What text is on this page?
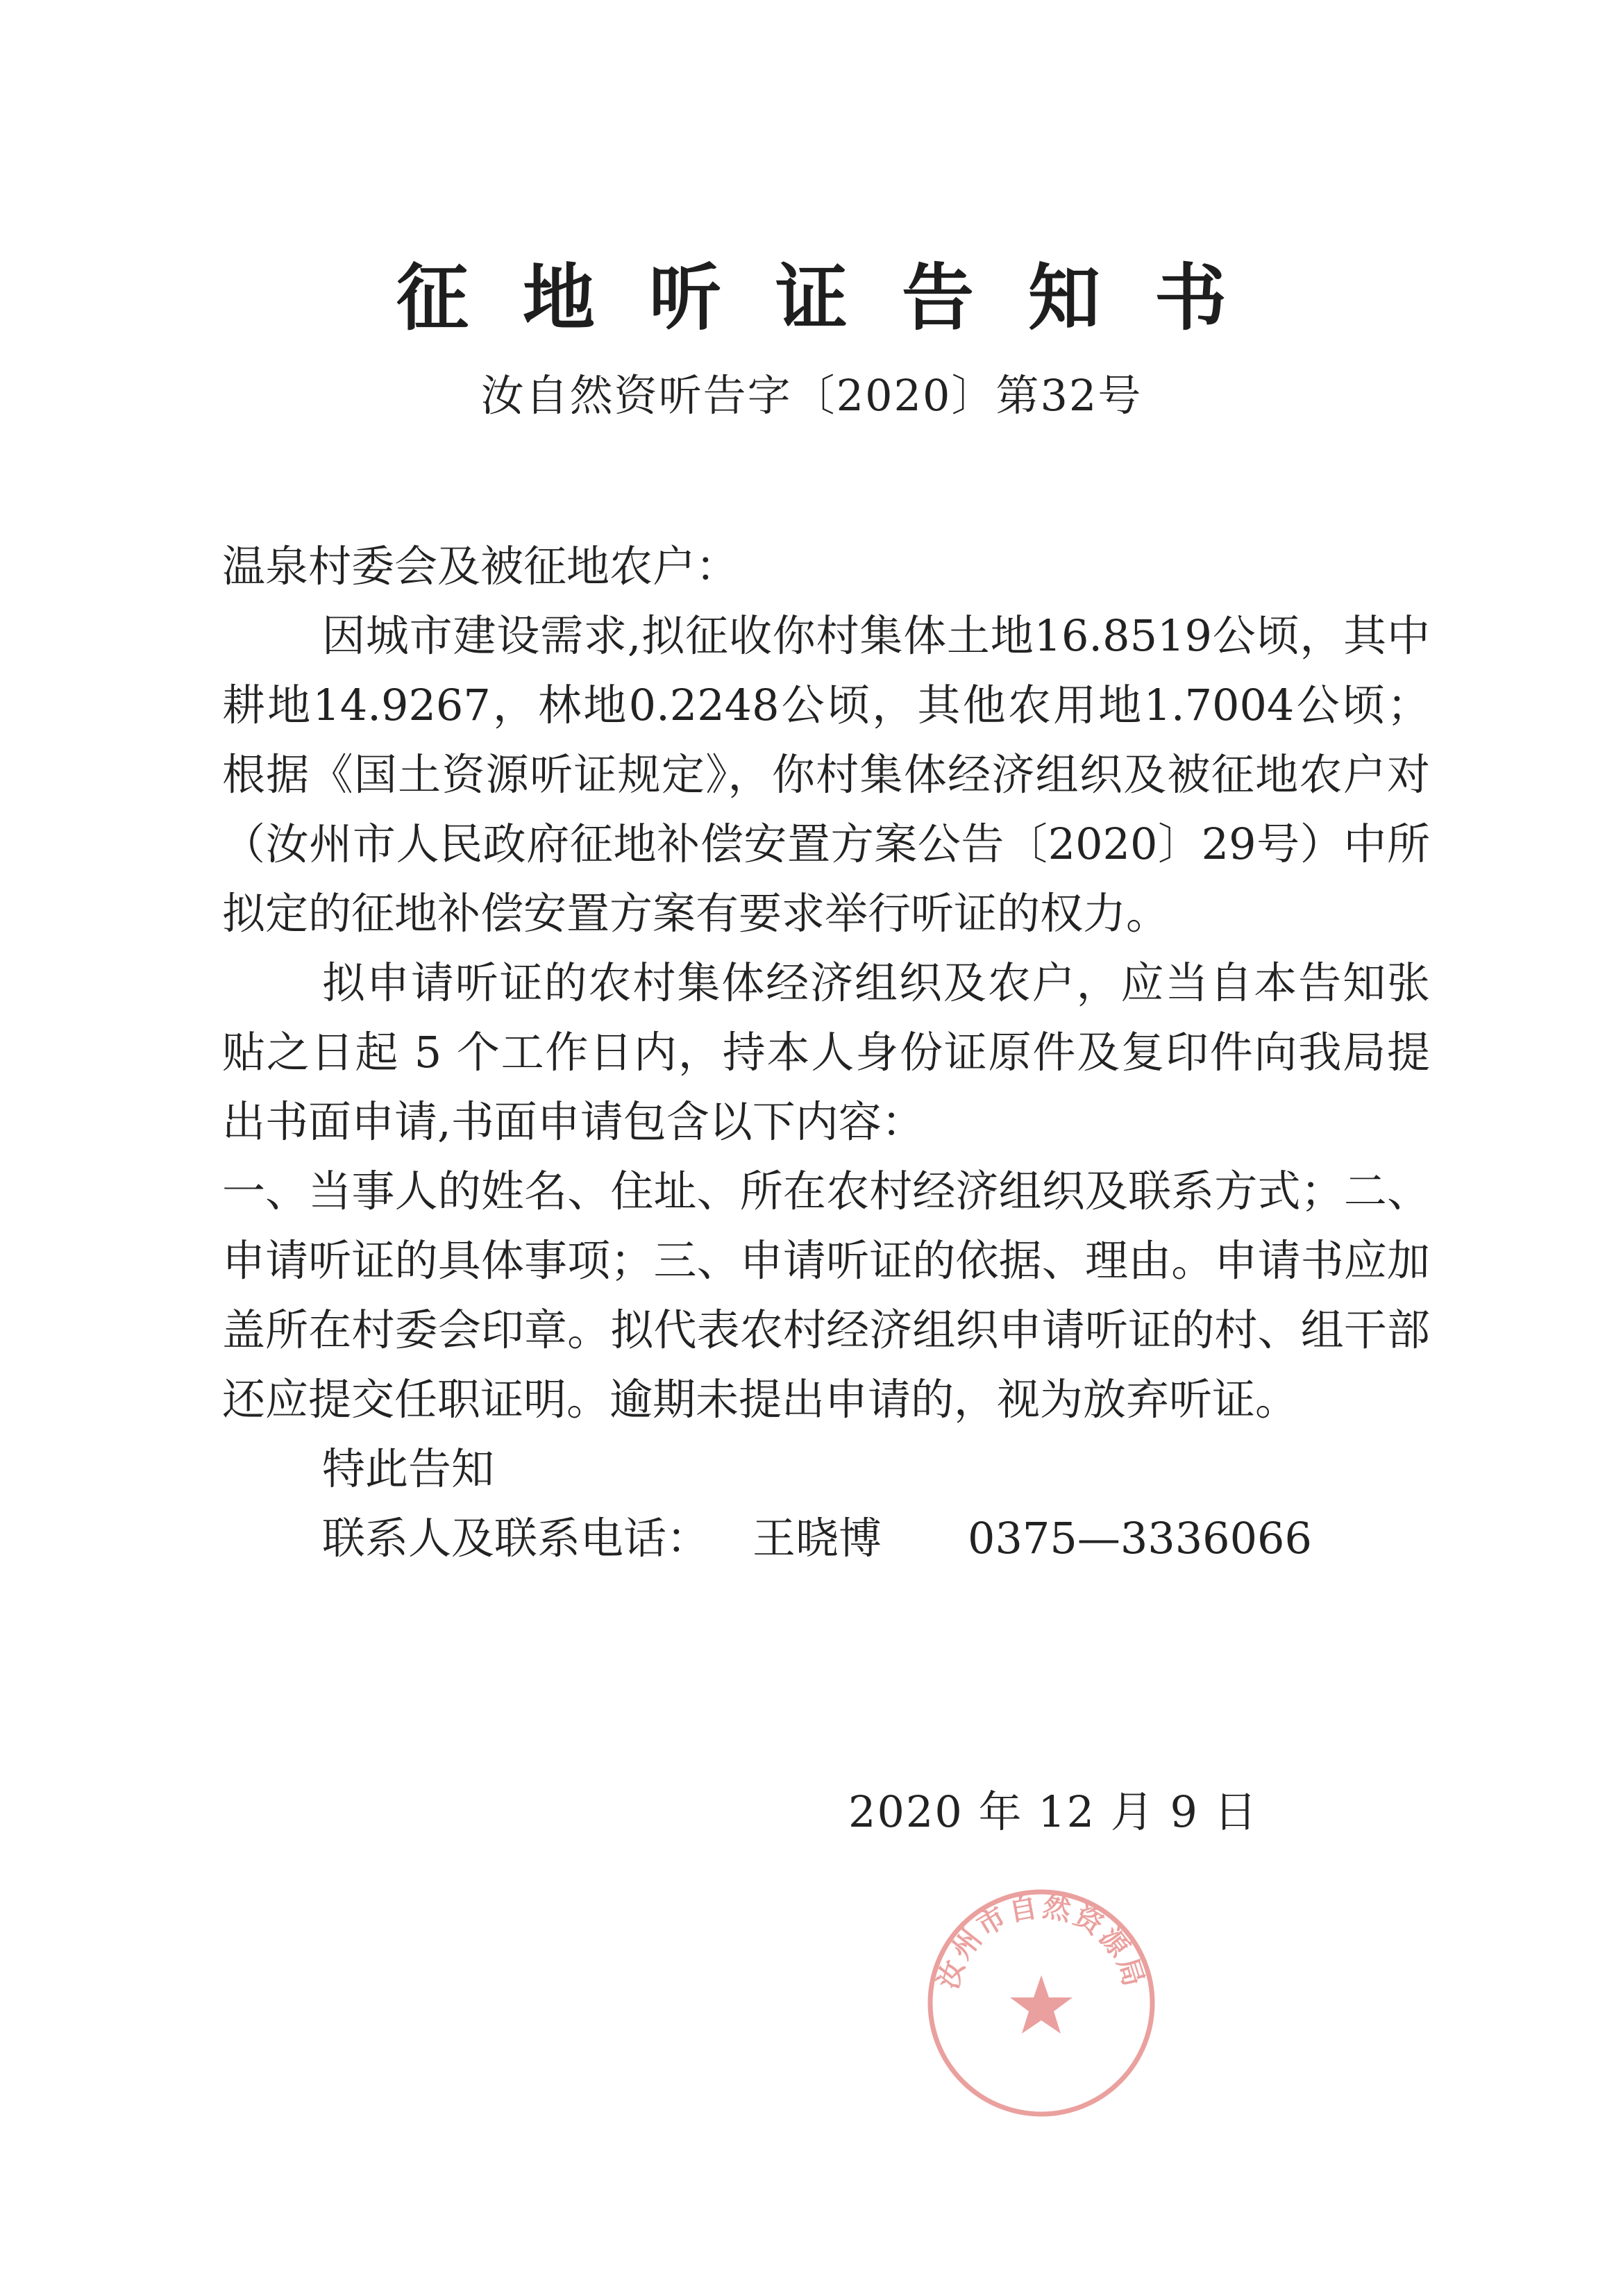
征地听证告知书
汝自然资听告字〔2020〕第32号

温泉村委会及被征地农户：

因城市建设需求,拟征收你村集体土地16.8519公顷，其中耕地14.9267，林地0.2248公顷，其他农用地1.7004公顷；根据《国土资源听证规定》，你村集体经济组织及被征地农户对（汝州市人民政府征地补偿安置方案公告〔2020〕29号）中所拟定的征地补偿安置方案有要求举行听证的权力。

拟申请听证的农村集体经济组织及农户，应当自本告知张贴之日起 5 个工作日内，持本人身份证原件及复印件向我局提出书面申请,书面申请包含以下内容：

一、当事人的姓名、住址、所在农村经济组织及联系方式；二、申请听证的具体事项；三、申请听证的依据、理由。申请书应加盖所在村委会印章。拟代表农村经济组织申请听证的村、组干部还应提交任职证明。逾期未提出申请的，视为放弃听证。

特此告知

联系人及联系电话：  王晓博   0375—3336066

汝州市自然资源局
2020 年 12 月 9 日
